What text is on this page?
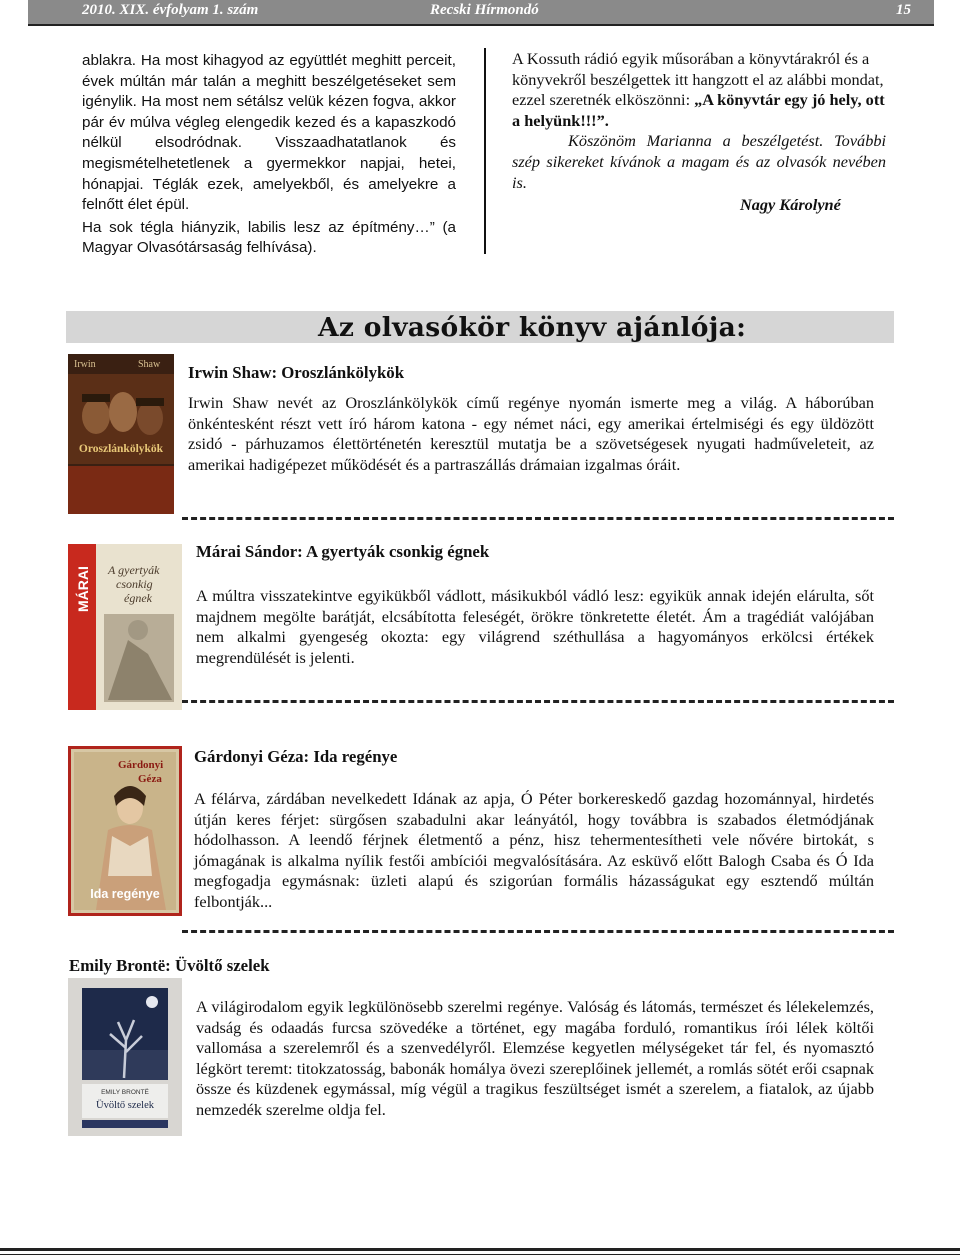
2010. XIX. évfolyam 1. szám	Recski Hírmondó	15

ablakra. Ha most kihagyod az együttlét meghitt perceit, évek múltán már talán a meghitt beszélgetéseket sem igénylik. Ha most nem sétálsz velük kézen fogva, akkor pár év múlva végleg elengedik kezed és a kapaszkodó nélkül elsodródnak. Visszaadhatatlanok és megismételhetetlenek a gyermekkor napjai, hetei, hónapjai. Téglák ezek, amelyekből, és amelyekre a felnőtt élet épül.

Ha sok tégla hiányzik, labilis lesz az építmény…” (a Magyar Olvasótársaság felhívása).

A Kossuth rádió egyik műsorában a könyvtárakról és a könyvekről beszélgettek itt hangzott el az alábbi mondat, ezzel szeretnék elköszönni: „A könyvtár egy jó hely, ott a helyünk!!!”.

Köszönöm Marianna a beszélgetést. További szép sikereket kívánok a magam és az olvasók nevében is.

Nagy Károlyné

Az olvasókör könyv ajánlója:
Irwin	Shaw
Oroszlánkölykök
Irwin Shaw: Oroszlánkölykök

Irwin Shaw nevét az Oroszlánkölykök című regénye nyomán ismerte meg a világ. A háborúban önkéntesként részt vett író három katona - egy német náci, egy amerikai értelmiségi és egy üldözött zsidó - párhuzamos élettörténetén keresztül mutatja be a szövetségesek nyugati hadműveleteit, az amerikai hadigépezet működését és a partraszállás drámaian izgalmas óráit.

MÁRAI A gyertyák
csonkig
égnek
Márai Sándor: A gyertyák csonkig égnek

A múltra visszatekintve egyikükből vádlott, másikukból vádló lesz: egyikük annak idején elárulta, sőt majdnem megölte barátját, elcsábította feleségét, örökre tönkretette életét. Ám a tragédiát valójában nem alkalmi gyengeség okozta: egy világrend széthullása a hagyományos erkölcsi értékek megrendülését is jelenti.

Gárdonyi
Géza
Ida regénye
Gárdonyi Géza: Ida regénye

A félárva, zárdában nevelkedett Idának az apja, Ó Péter borkereskedő gazdag hozománnyal, hirdetés útján keres férjet: sürgősen szabadulni akar leányától, hogy továbbra is szabados életmódjának hódolhasson. A leendő férjnek életmentő a pénz, hisz tehermentesítheti vele nővére birtokát, s jómagának is alkalma nyílik festői ambíciói megvalósítására. Az esküvő előtt Balogh Csaba és Ó Ida megfogadja egymásnak: üzleti alapú és szigorúan formális házasságukat egy esztendő múltán felbontják...

Emily Brontë: Üvöltő szelek
EMILY BRONTË
Üvöltő szelek

A világirodalom egyik legkülönösebb szerelmi regénye. Valóság és látomás, természet és lélekelemzés, vadság és odaadás furcsa szövedéke a történet, egy magába forduló, romantikus írói lélek költői vallomása a szerelemről és a szenvedélyről. Elemzése kegyetlen mélységeket tár fel, és nyomasztó légkört teremt: titokzatosság, babonák homálya övezi szereplőinek jellemét, a romlás sötét erői csapnak össze és küzdenek egymással, míg végül a tragikus feszültséget ismét a szerelem, a fiatalok, az újabb nemzedék szerelme oldja fel.
